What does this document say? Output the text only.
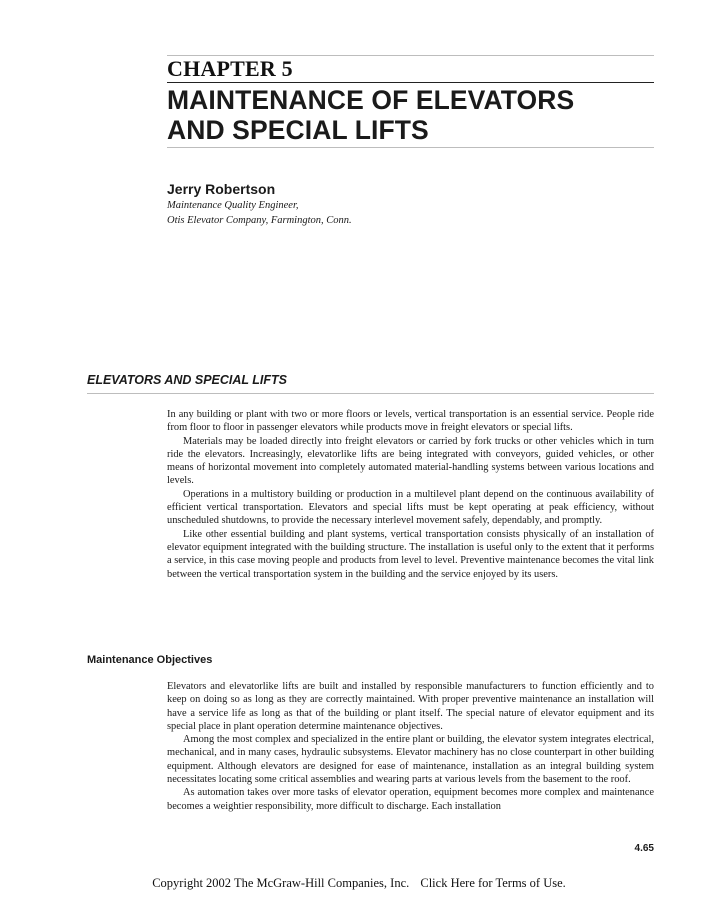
CHAPTER 5
MAINTENANCE OF ELEVATORS
AND SPECIAL LIFTS
Jerry Robertson
Maintenance Quality Engineer,
Otis Elevator Company, Farmington, Conn.
ELEVATORS AND SPECIAL LIFTS

In any building or plant with two or more floors or levels, vertical transportation is an essential service. People ride from floor to floor in passenger elevators while products move in freight elevators or special lifts.

Materials may be loaded directly into freight elevators or carried by fork trucks or other vehicles which in turn ride the elevators. Increasingly, elevatorlike lifts are being integrated with conveyors, guided vehicles, or other means of horizontal movement into completely automated material-handling systems between various locations and levels.

Operations in a multistory building or production in a multilevel plant depend on the continuous availability of efficient vertical transportation. Elevators and special lifts must be kept operating at peak efficiency, without unscheduled shutdowns, to provide the necessary interlevel movement safely, dependably, and promptly.

Like other essential building and plant systems, vertical transportation consists physically of an installation of elevator equipment integrated with the building structure. The installation is useful only to the extent that it performs a service, in this case moving people and products from level to level. Preventive maintenance becomes the vital link between the vertical transportation system in the building and the service enjoyed by its users.

Maintenance Objectives

Elevators and elevatorlike lifts are built and installed by responsible manufacturers to function efficiently and to keep on doing so as long as they are correctly maintained. With proper preventive maintenance an installation will have a service life as long as that of the building or plant itself. The special nature of elevator equipment and its special place in plant operation determine maintenance objectives.

Among the most complex and specialized in the entire plant or building, the elevator system integrates electrical, mechanical, and in many cases, hydraulic subsystems. Elevator machinery has no close counterpart in other building equipment. Although elevators are designed for ease of maintenance, installation as an integral building system necessitates locating some critical assemblies and wearing parts at various levels from the basement to the roof.

As automation takes over more tasks of elevator operation, equipment becomes more complex and maintenance becomes a weightier responsibility, more difficult to discharge. Each installation

4.65
Copyright 2002 The McGraw-Hill Companies, Inc. Click Here for Terms of Use.
